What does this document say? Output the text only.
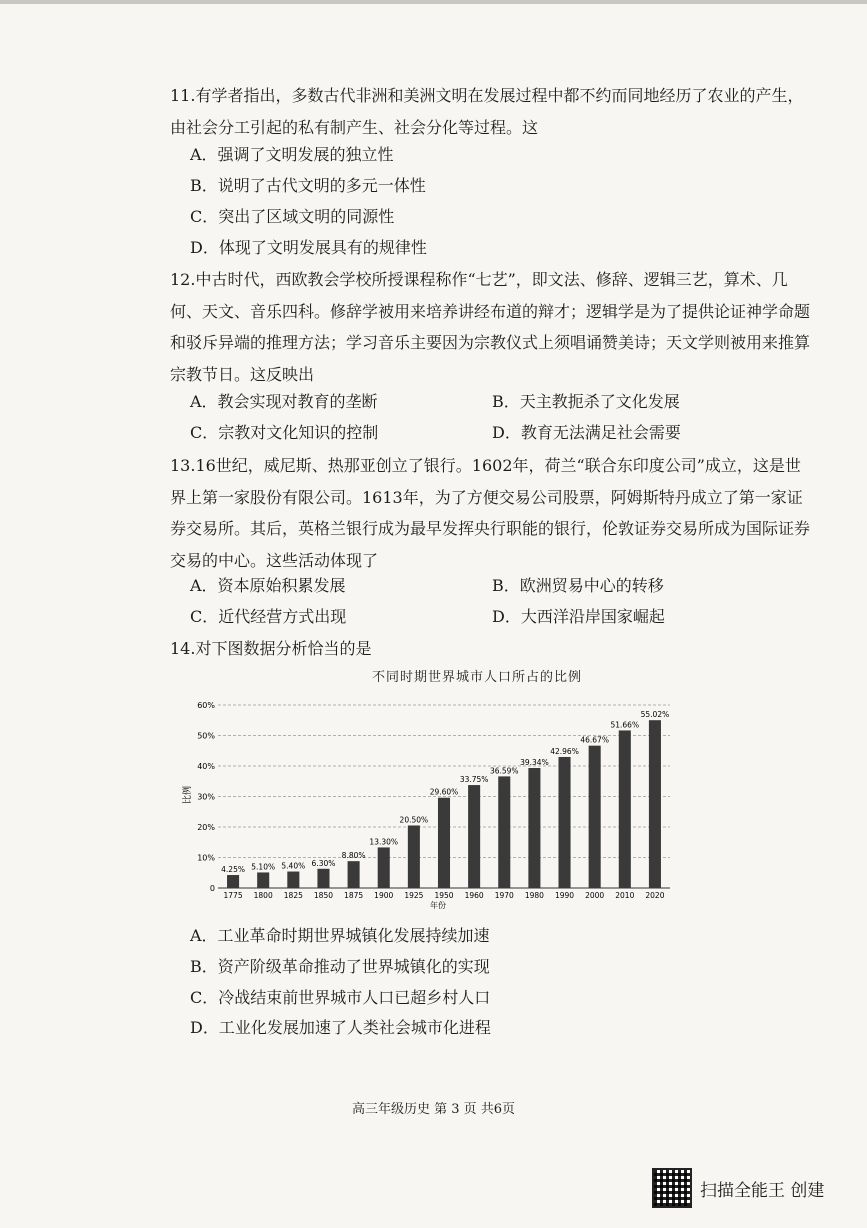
11.有学者指出，多数古代非洲和美洲文明在发展过程中都不约而同地经历了农业的产生，由社会分工引起的私有制产生、社会分化等过程。这
A．强调了文明发展的独立性
B．说明了古代文明的多元一体性
C．突出了区域文明的同源性
D．体现了文明发展具有的规律性
12.中古时代，西欧教会学校所授课程称作“七艺”，即文法、修辞、逻辑三艺，算术、几何、天文、音乐四科。修辞学被用来培养讲经布道的辩才；逻辑学是为了提供论证神学命题和驳斥异端的推理方法；学习音乐主要因为宗教仪式上须唱诵赞美诗；天文学则被用来推算宗教节日。这反映出
A．教会实现对教育的垄断	B．天主教扼杀了文化发展
C．宗教对文化知识的控制	D．教育无法满足社会需要
13.16世纪，威尼斯、热那亚创立了银行。1602年，荷兰“联合东印度公司”成立，这是世界上第一家股份有限公司。1613年，为了方便交易公司股票，阿姆斯特丹成立了第一家证券交易所。其后，英格兰银行成为最早发挥央行职能的银行，伦敦证券交易所成为国际证券交易的中心。这些活动体现了
A．资本原始积累发展	B．欧洲贸易中心的转移
C．近代经营方式出现	D．大西洋沿岸国家崛起
14.对下图数据分析恰当的是
不同时期世界城市人口所占的比例
0
10%
20%
30%
40%
50%
60%
4.25%
1775
5.10%
1800
5.40%
1825
6.30%
1850
8.80%
1875
13.30%
1900
20.50%
1925
29.60%
1950
33.75%
1960
36.59%
1970
39.34%
1980
42.96%
1990
46.67%
2000
51.66%
2010
55.02%
2020
比例
年份
A．工业革命时期世界城镇化发展持续加速
B．资产阶级革命推动了世界城镇化的实现
C．冷战结束前世界城市人口已超乡村人口
D．工业化发展加速了人类社会城市化进程
高三年级历史 第 3 页 共6页
扫描全能王 创建
